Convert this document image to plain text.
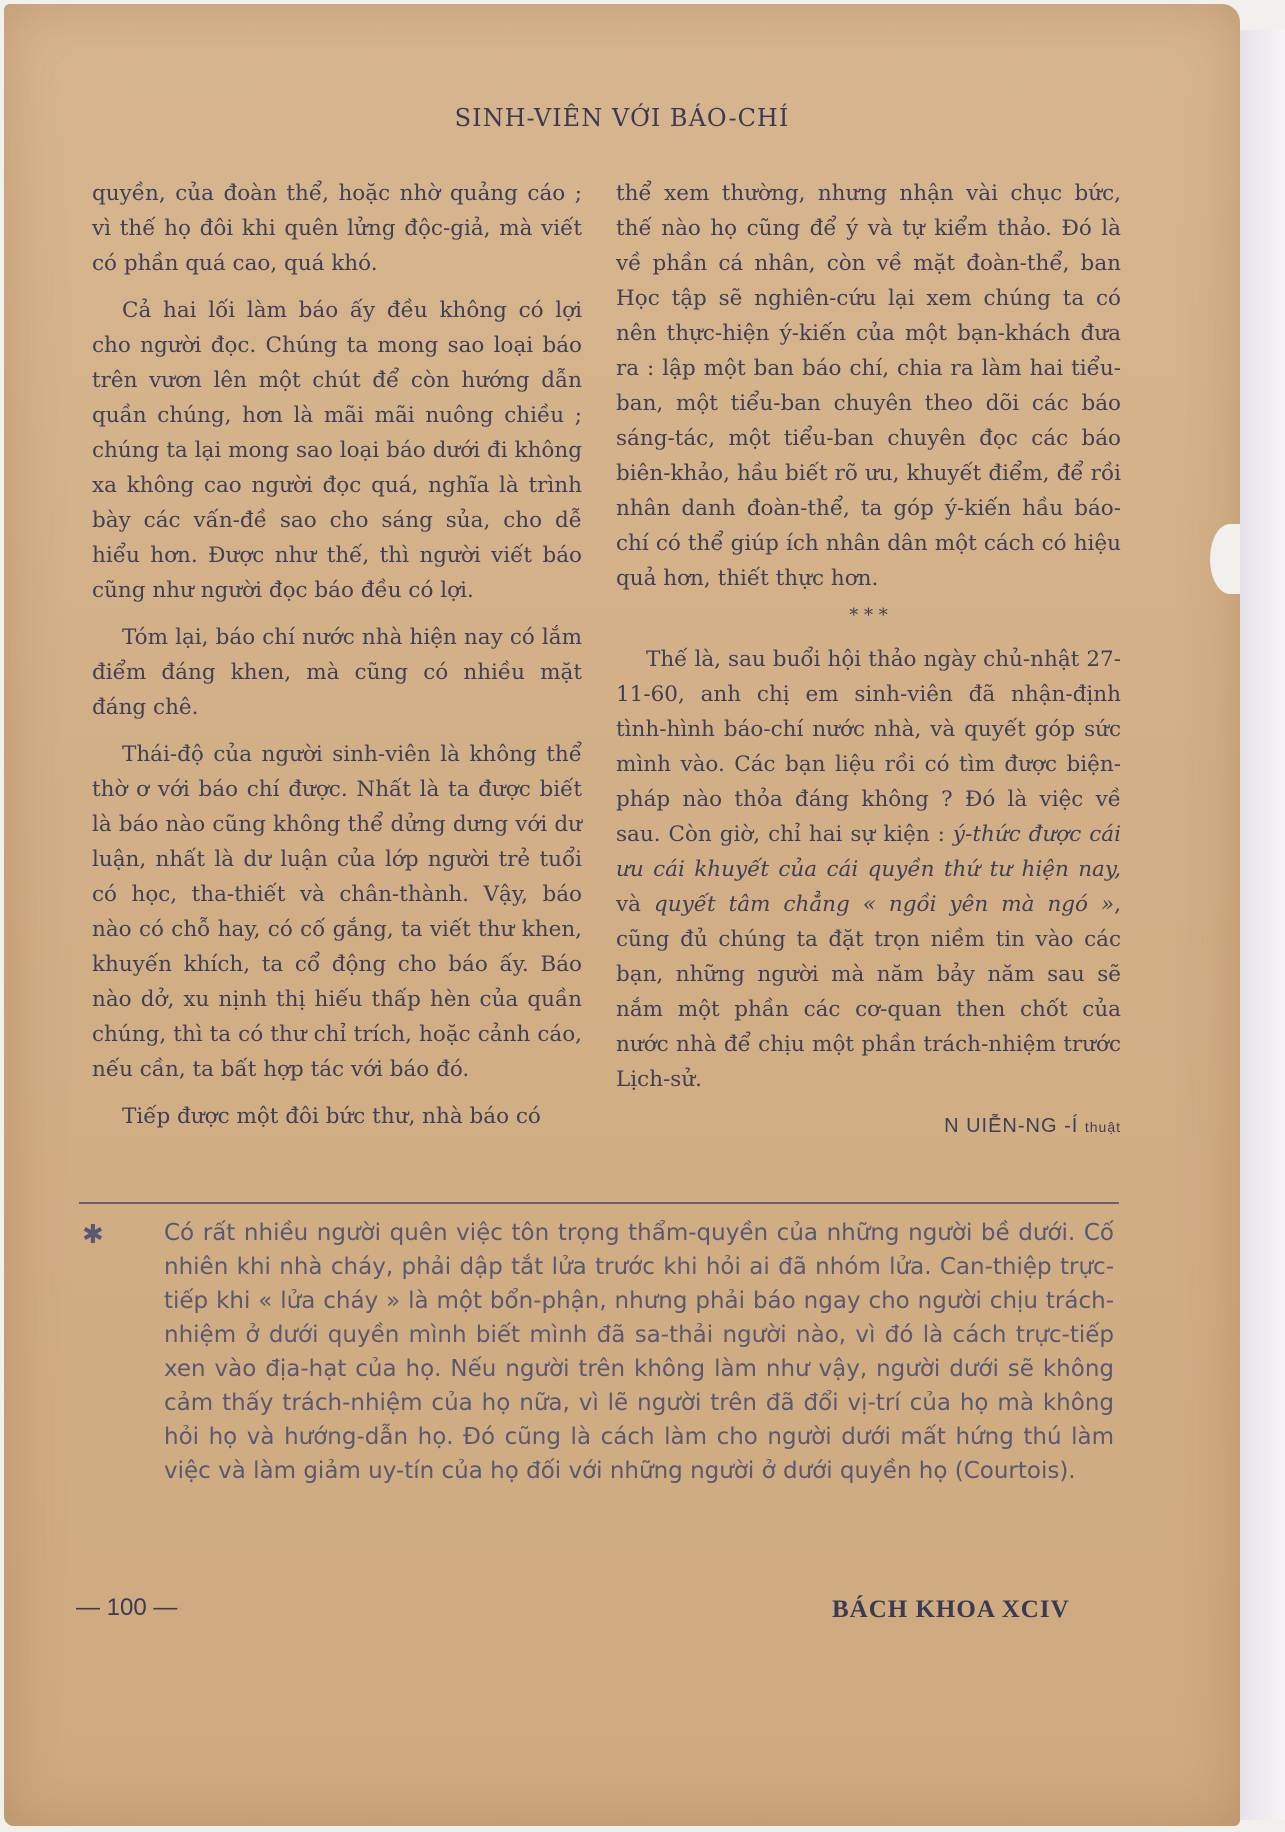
SINH-VIÊN VỚI BÁO-CHÍ

quyền, của đoàn thể, hoặc nhờ quảng cáo ; vì thế họ đôi khi quên lửng độc-giả, mà viết có phần quá cao, quá khó.

Cả hai lối làm báo ấy đều không có lợi cho người đọc. Chúng ta mong sao loại báo trên vươn lên một chút để còn hướng dẫn quần chúng, hơn là mãi mãi nuông chiều ; chúng ta lại mong sao loại báo dưới đi không xa không cao người đọc quá, nghĩa là trình bày các vấn-đề sao cho sáng sủa, cho dễ hiểu hơn. Được như thế, thì người viết báo cũng như người đọc báo đều có lợi.

Tóm lại, báo chí nước nhà hiện nay có lắm điểm đáng khen, mà cũng có nhiều mặt đáng chê.

Thái-độ của người sinh-viên là không thể thờ ơ với báo chí được. Nhất là ta được biết là báo nào cũng không thể dửng dưng với dư luận, nhất là dư luận của lớp người trẻ tuổi có học, tha-thiết và chân-thành. Vậy, báo nào có chỗ hay, có cố gắng, ta viết thư khen, khuyến khích, ta cổ động cho báo ấy. Báo nào dở, xu nịnh thị hiếu thấp hèn của quần chúng, thì ta có thư chỉ trích, hoặc cảnh cáo, nếu cần, ta bất hợp tác với báo đó.

Tiếp được một đôi bức thư, nhà báo có

thể xem thường, nhưng nhận vài chục bức, thế nào họ cũng để ý và tự kiểm thảo. Đó là về phần cá nhân, còn về mặt đoàn-thể, ban Học tập sẽ nghiên-cứu lại xem chúng ta có nên thực-hiện ý-kiến của một bạn-khách đưa ra : lập một ban báo chí, chia ra làm hai tiểu-ban, một tiểu-ban chuyên theo dõi các báo sáng-tác, một tiểu-ban chuyên đọc các báo biên-khảo, hầu biết rõ ưu, khuyết điểm, để rồi nhân danh đoàn-thể, ta góp ý-kiến hầu báo-chí có thể giúp ích nhân dân một cách có hiệu quả hơn, thiết thực hơn.

* * *

Thế là, sau buổi hội thảo ngày chủ-nhật 27-11-60, anh chị em sinh-viên đã nhận-định tình-hình báo-chí nước nhà, và quyết góp sức mình vào. Các bạn liệu rồi có tìm được biện-pháp nào thỏa đáng không ? Đó là việc về sau. Còn giờ, chỉ hai sự kiện : ý-thức được cái ưu cái khuyết của cái quyền thứ tư hiện nay, và quyết tâm chẳng « ngồi yên mà ngó », cũng đủ chúng ta đặt trọn niềm tin vào các bạn, những người mà năm bảy năm sau sẽ nắm một phần các cơ-quan then chốt của nước nhà để chịu một phần trách-nhiệm trước Lịch-sử.

N UIỄN-NG -Í thuật
✱	Có rất nhiều người quên việc tôn trọng thẩm-quyền của những người bề dưới. Cố nhiên khi nhà cháy, phải dập tắt lửa trước khi hỏi ai đã nhóm lửa. Can-thiệp trực-tiếp khi « lửa cháy » là một bổn-phận, nhưng phải báo ngay cho người chịu trách-nhiệm ở dưới quyền mình biết mình đã sa-thải người nào, vì đó là cách trực-tiếp xen vào địa-hạt của họ. Nếu người trên không làm như vậy, người dưới sẽ không cảm thấy trách-nhiệm của họ nữa, vì lẽ người trên đã đổi vị-trí của họ mà không hỏi họ và hướng-dẫn họ. Đó cũng là cách làm cho người dưới mất hứng thú làm việc và làm giảm uy-tín của họ đối với những người ở dưới quyền họ (Courtois).
— 100 —	BÁCH KHOA XCIV
